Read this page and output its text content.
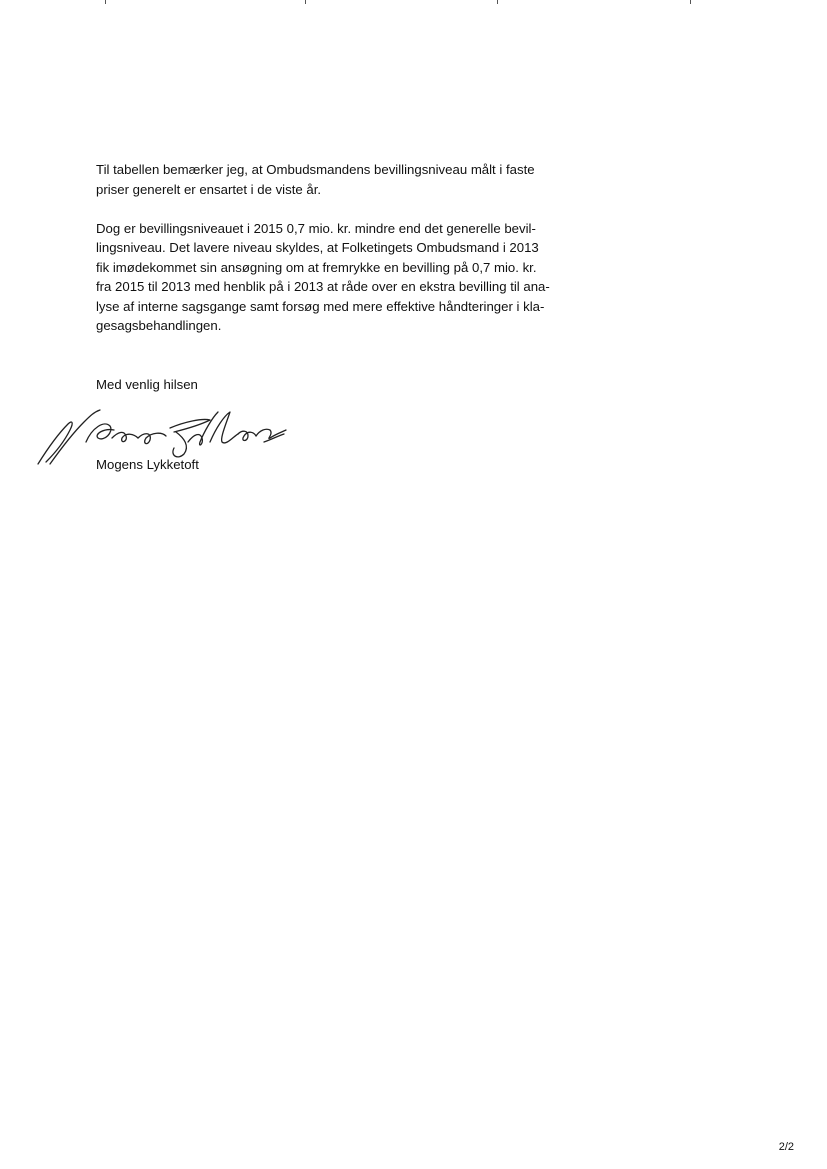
Til tabellen bemærker jeg, at Ombudsmandens bevillingsniveau målt i faste
priser generelt er ensartet i de viste år.

Dog er bevillingsniveauet i 2015 0,7 mio. kr. mindre end det generelle bevil-
lingsniveau. Det lavere niveau skyldes, at Folketingets Ombudsmand i 2013
fik imødekommet sin ansøgning om at fremrykke en bevilling på 0,7 mio. kr.
fra 2015 til 2013 med henblik på i 2013 at råde over en ekstra bevilling til ana-
lyse af interne sagsgange samt forsøg med mere effektive håndteringer i kla-
gesagsbehandlingen.

Med venlig hilsen
Mogens Lykketoft
2/2
